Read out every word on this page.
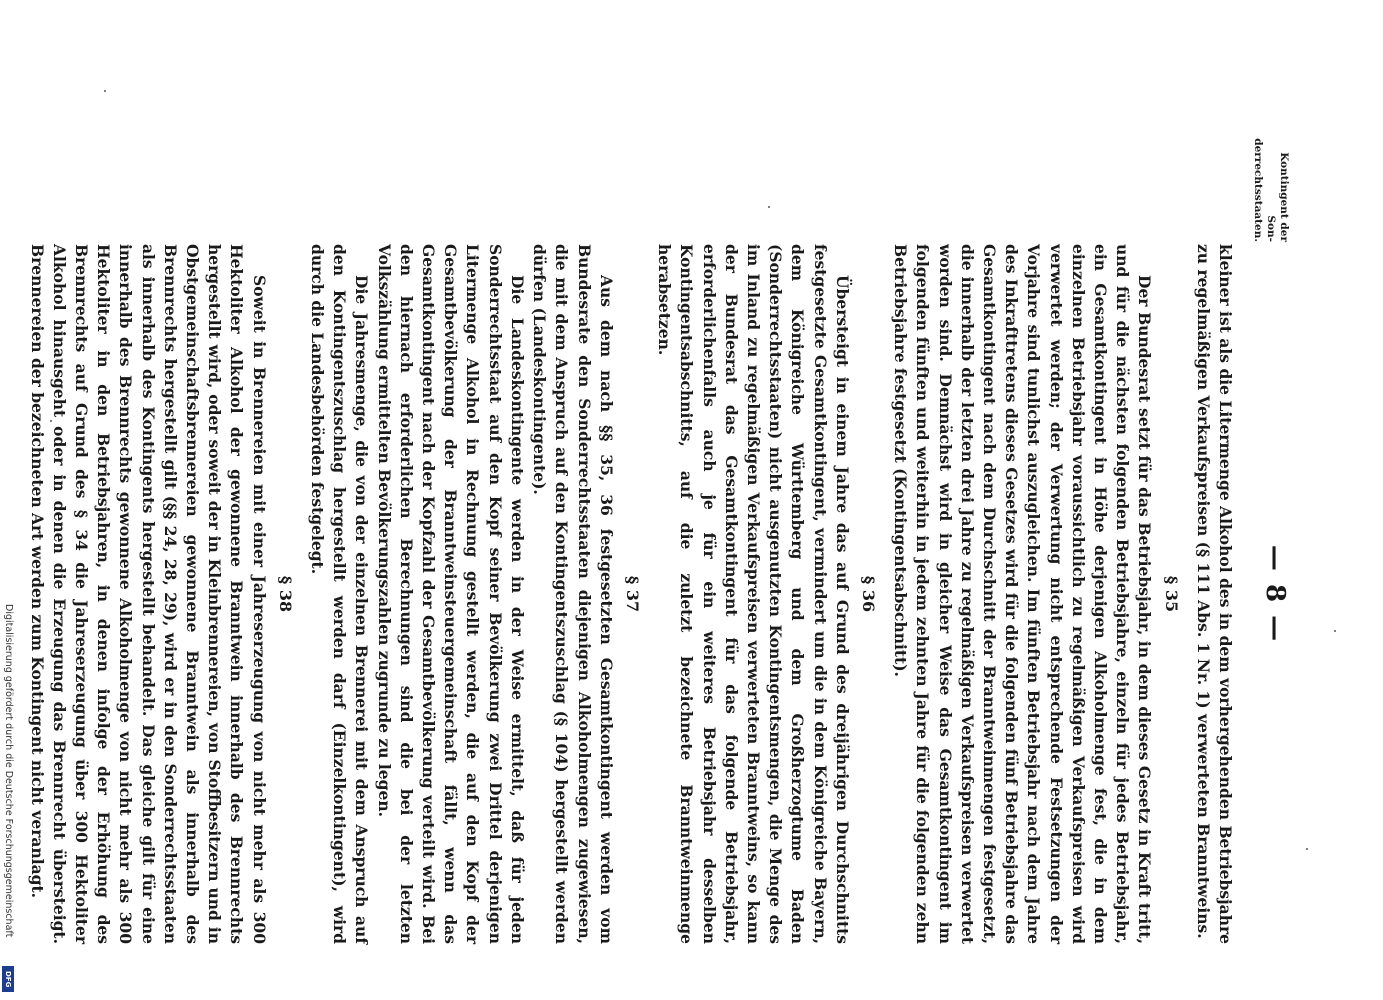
Digitalisierung gefördert durch die Deutsche Forschungsgemeinschaft
DFG
Kontingent der Son-derrechtsstaaten.
— 8 —

kleiner ist als die Litermenge Alkohol des in dem vorhergehenden Betriebsjahre zu regelmäßigen Verkaufspreisen (§ 111 Abs. 1 Nr. 1) verwerteten Branntweins.

§ 35

Der Bundesrat setzt für das Betriebsjahr, in dem dieses Gesetz in Kraft tritt, und für die nächsten folgenden Betriebsjahre, einzeln für jedes Betriebsjahr, ein Gesamtkontingent in Höhe derjenigen Alkoholmenge fest, die in dem einzelnen Betriebsjahr voraussichtlich zu regelmäßigen Verkaufspreisen wird verwertet werden; der Verwertung nicht entsprechende Festsetzungen der Vorjahre sind tunlichst auszugleichen. Im fünften Betriebsjahr nach dem Jahre des Inkrafttretens dieses Gesetzes wird für die folgenden fünf Betriebsjahre das Gesamtkontingent nach dem Durchschnitt der Branntweinmengen festgesetzt, die innerhalb der letzten drei Jahre zu regelmäßigen Verkaufspreisen verwertet worden sind. Demnächst wird in gleicher Weise das Gesamtkontingent im folgenden fünften und weiterhin in jedem zehnten Jahre für die folgenden zehn Betriebsjahre festgesetzt (Kontingentsabschnitt).

§ 36

Übersteigt in einem Jahre das auf Grund des dreijährigen Durchschnitts festgesetzte Gesamtkontingent, vermindert um die in dem Königreiche Bayern, dem Königreiche Württemberg und dem Großherzogtume Baden (Sonderrechtsstaaten) nicht ausgenutzten Kontingentsmengen, die Menge des im Inland zu regelmäßigen Verkaufspreisen verwerteten Branntweins, so kann der Bundesrat das Gesamtkontingent für das folgende Betriebsjahr, erforderlichenfalls auch je für ein weiteres Betriebsjahr desselben Kontingentsabschnitts, auf die zuletzt bezeichnete Branntweinmenge herabsetzen.

§ 37

Aus dem nach §§ 35, 36 festgesetzten Gesamtkontingent werden vom Bundesrate den Sonderrechtsstaaten diejenigen Alkoholmengen zugewiesen, die mit dem Anspruch auf den Kontingentszuschlag (§ 104) hergestellt werden dürfen (Landeskontingente).

Die Landeskontingente werden in der Weise ermittelt, daß für jeden Sonderrechtsstaat auf den Kopf seiner Bevölkerung zwei Drittel derjenigen Litermenge Alkohol in Rechnung gestellt werden, die auf den Kopf der Gesamtbevölkerung der Branntweinsteuergemeinschaft fällt, wenn das Gesamtkontingent nach der Kopfzahl der Gesamtbevölkerung verteilt wird. Bei den hiernach erforderlichen Berechnungen sind die bei der letzten Volkszählung ermittelten Bevölkerungszahlen zugrunde zu legen.

Die Jahresmenge, die von der einzelnen Brennerei mit dem Anspruch auf den Kontingentszuschlag hergestellt werden darf (Einzelkontingent), wird durch die Landesbehörden festgelegt.

§ 38

Soweit in Brennereien mit einer Jahreserzeugung von nicht mehr als 300 Hektoliter Alkohol der gewonnene Branntwein innerhalb des Brennrechts hergestellt wird, oder soweit der in Kleinbrennereien, von Stoffbesitzern und in Obstgemeinschaftsbrennereien gewonnene Branntwein als innerhalb des Brennrechts hergestellt gilt (§§ 24, 28, 29), wird er in den Sonderrechtsstaaten als innerhalb des Kontingents hergestellt behandelt. Das gleiche gilt für eine innerhalb des Brennrechts gewonnene Alkoholmenge von nicht mehr als 300 Hektoliter in den Betriebsjahren, in denen infolge der Erhöhung des Brennrechts auf Grund des § 34 die Jahreserzeugung über 300 Hektoliter Alkohol hinausgeht oder in denen die Erzeugung das Brennrecht übersteigt. Brennereien der bezeichneten Art werden zum Kontingent nicht veranlagt.
